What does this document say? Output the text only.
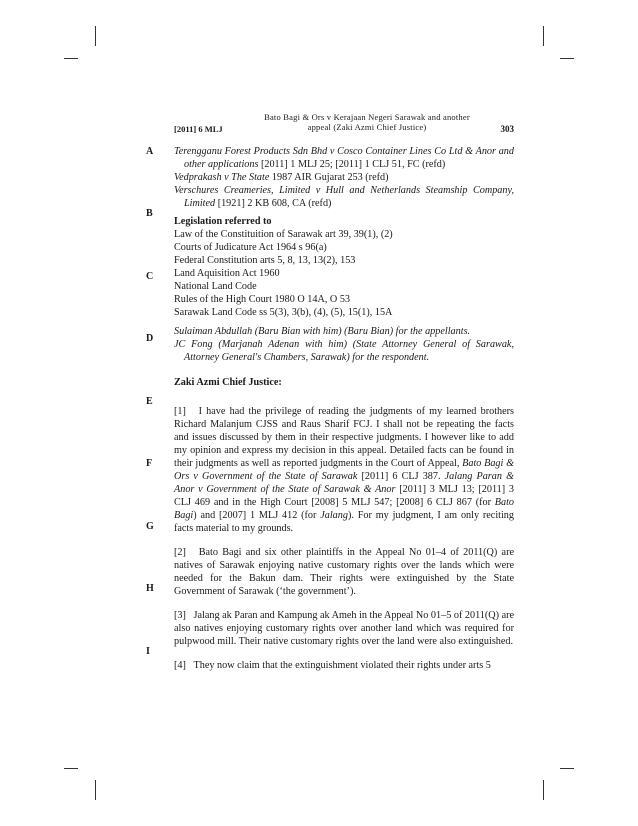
[2011] 6 MLJ
Bato Bagi & Ors v Kerajaan Negeri Sarawak and another
appeal (Zaki Azmi Chief Justice)	303
A
B
C
D
E
F
G
H
I

Terengganu Forest Products Sdn Bhd v Cosco Container Lines Co Ltd & Anor and other applications [2011] 1 MLJ 25; [2011] 1 CLJ 51, FC (refd)

Vedprakash v The State 1987 AIR Gujarat 253 (refd)

Verschures Creameries, Limited v Hull and Netherlands Steamship Company, Limited [1921] 2 KB 608, CA (refd)

Legislation referred to

Law of the Constituition of Sarawak art 39, 39(1), (2)

Courts of Judicature Act 1964 s 96(a)

Federal Constitution arts 5, 8, 13, 13(2), 153

Land Aquisition Act 1960

National Land Code

Rules of the High Court 1980 O 14A, O 53

Sarawak Land Code ss 5(3), 3(b), (4), (5), 15(1), 15A

Sulaiman Abdullah (Baru Bian with him) (Baru Bian) for the appellants.

JC Fong (Marjanah Adenan with him) (State Attorney General of Sarawak, Attorney General's Chambers, Sarawak) for the respondent.

Zaki Azmi Chief Justice:

[1] I have had the privilege of reading the judgments of my learned brothers Richard Malanjum CJSS and Raus Sharif FCJ. I shall not be repeating the facts and issues discussed by them in their respective judgments. I however like to add my opinion and express my decision in this appeal. Detailed facts can be found in their judgments as well as reported judgments in the Court of Appeal, Bato Bagi & Ors v Government of the State of Sarawak [2011] 6 CLJ 387. Jalang Paran & Anor v Government of the State of Sarawak & Anor [2011] 3 MLJ 13; [2011] 3 CLJ 469 and in the High Court [2008] 5 MLJ 547; [2008] 6 CLJ 867 (for Bato Bagi) and [2007] 1 MLJ 412 (for Jalang). For my judgment, I am only reciting facts material to my grounds.

[2] Bato Bagi and six other plaintiffs in the Appeal No 01–4 of 2011(Q) are natives of Sarawak enjoying native customary rights over the lands which were needed for the Bakun dam. Their rights were extinguished by the State Government of Sarawak (‘the government’).

[3] Jalang ak Paran and Kampung ak Ameh in the Appeal No 01–5 of 2011(Q) are also natives enjoying customary rights over another land which was required for pulpwood mill. Their native customary rights over the land were also extinguished.

[4] They now claim that the extinguishment violated their rights under arts 5
